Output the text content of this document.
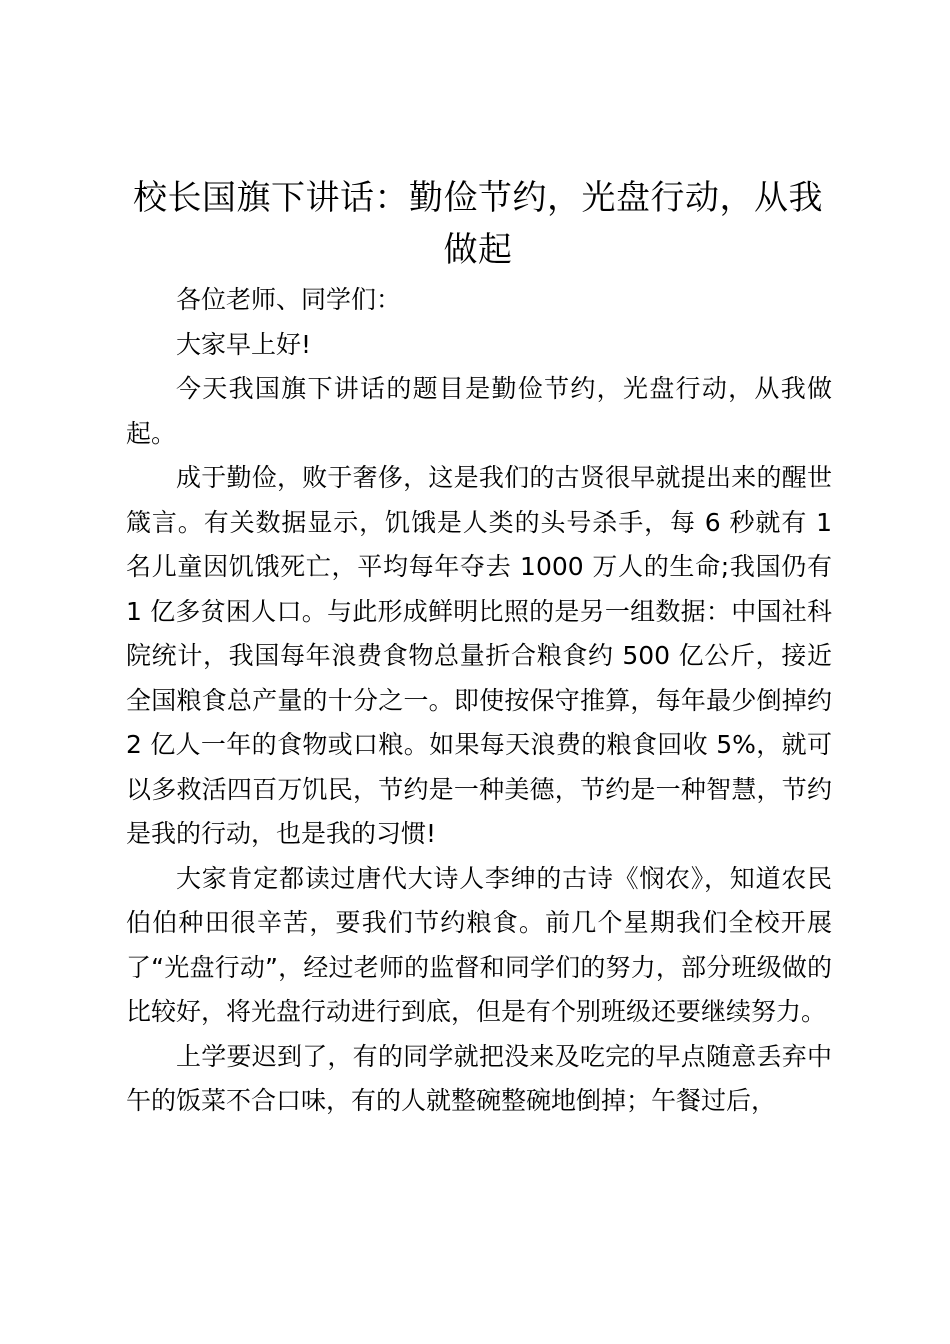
校长国旗下讲话：勤俭节约，光盘行动，从我做起

各位老师、同学们：

大家早上好!

今天我国旗下讲话的题目是勤俭节约，光盘行动，从我做起。

成于勤俭，败于奢侈，这是我们的古贤很早就提出来的醒世箴言。有关数据显示，饥饿是人类的头号杀手，每 6 秒就有 1 名儿童因饥饿死亡，平均每年夺去 1000 万人的生命;我国仍有 1 亿多贫困人口。与此形成鲜明比照的是另一组数据：中国社科院统计，我国每年浪费食物总量折合粮食约 500 亿公斤，接近全国粮食总产量的十分之一。即使按保守推算，每年最少倒掉约 2 亿人一年的食物或口粮。如果每天浪费的粮食回收 5%，就可以多救活四百万饥民，节约是一种美德，节约是一种智慧，节约是我的行动，也是我的习惯!

大家肯定都读过唐代大诗人李绅的古诗《悯农》，知道农民伯伯种田很辛苦，要我们节约粮食。前几个星期我们全校开展了“光盘行动”，经过老师的监督和同学们的努力，部分班级做的比较好，将光盘行动进行到底，但是有个别班级还要继续努力。

上学要迟到了，有的同学就把没来及吃完的早点随意丢弃中午的饭菜不合口味，有的人就整碗整碗地倒掉；午餐过后，
